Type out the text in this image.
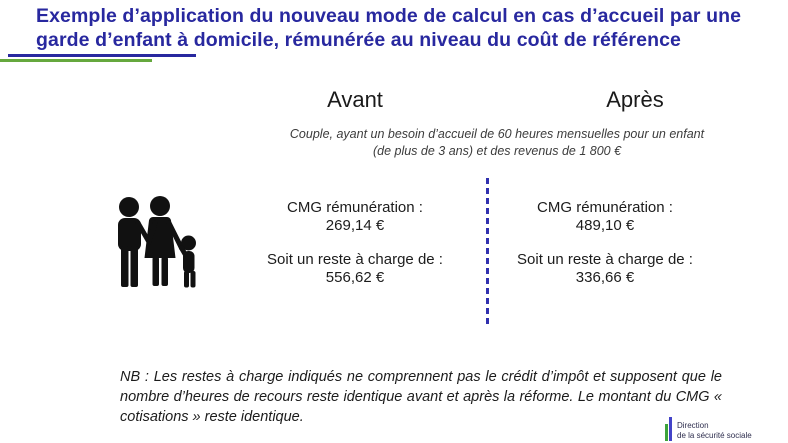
Exemple d’application du nouveau mode de calcul en cas d’accueil par une
garde d’enfant à domicile, rémunérée au niveau du coût de référence
Avant	Après
Couple, ayant un besoin d’accueil de 60 heures mensuelles pour un enfant
(de plus de 3 ans) et des revenus de 1 800 €
CMG rémunération :
269,14 €
Soit un reste à charge de :
556,62 €
CMG rémunération :
489,10 €
Soit un reste à charge de :
336,66 €

NB : Les restes à charge indiqués ne comprennent pas le crédit d’impôt et supposent que le nombre d’heures de recours reste identique avant et après la réforme. Le montant du CMG « cotisations » reste identique.

Direction
de la sécurité sociale
